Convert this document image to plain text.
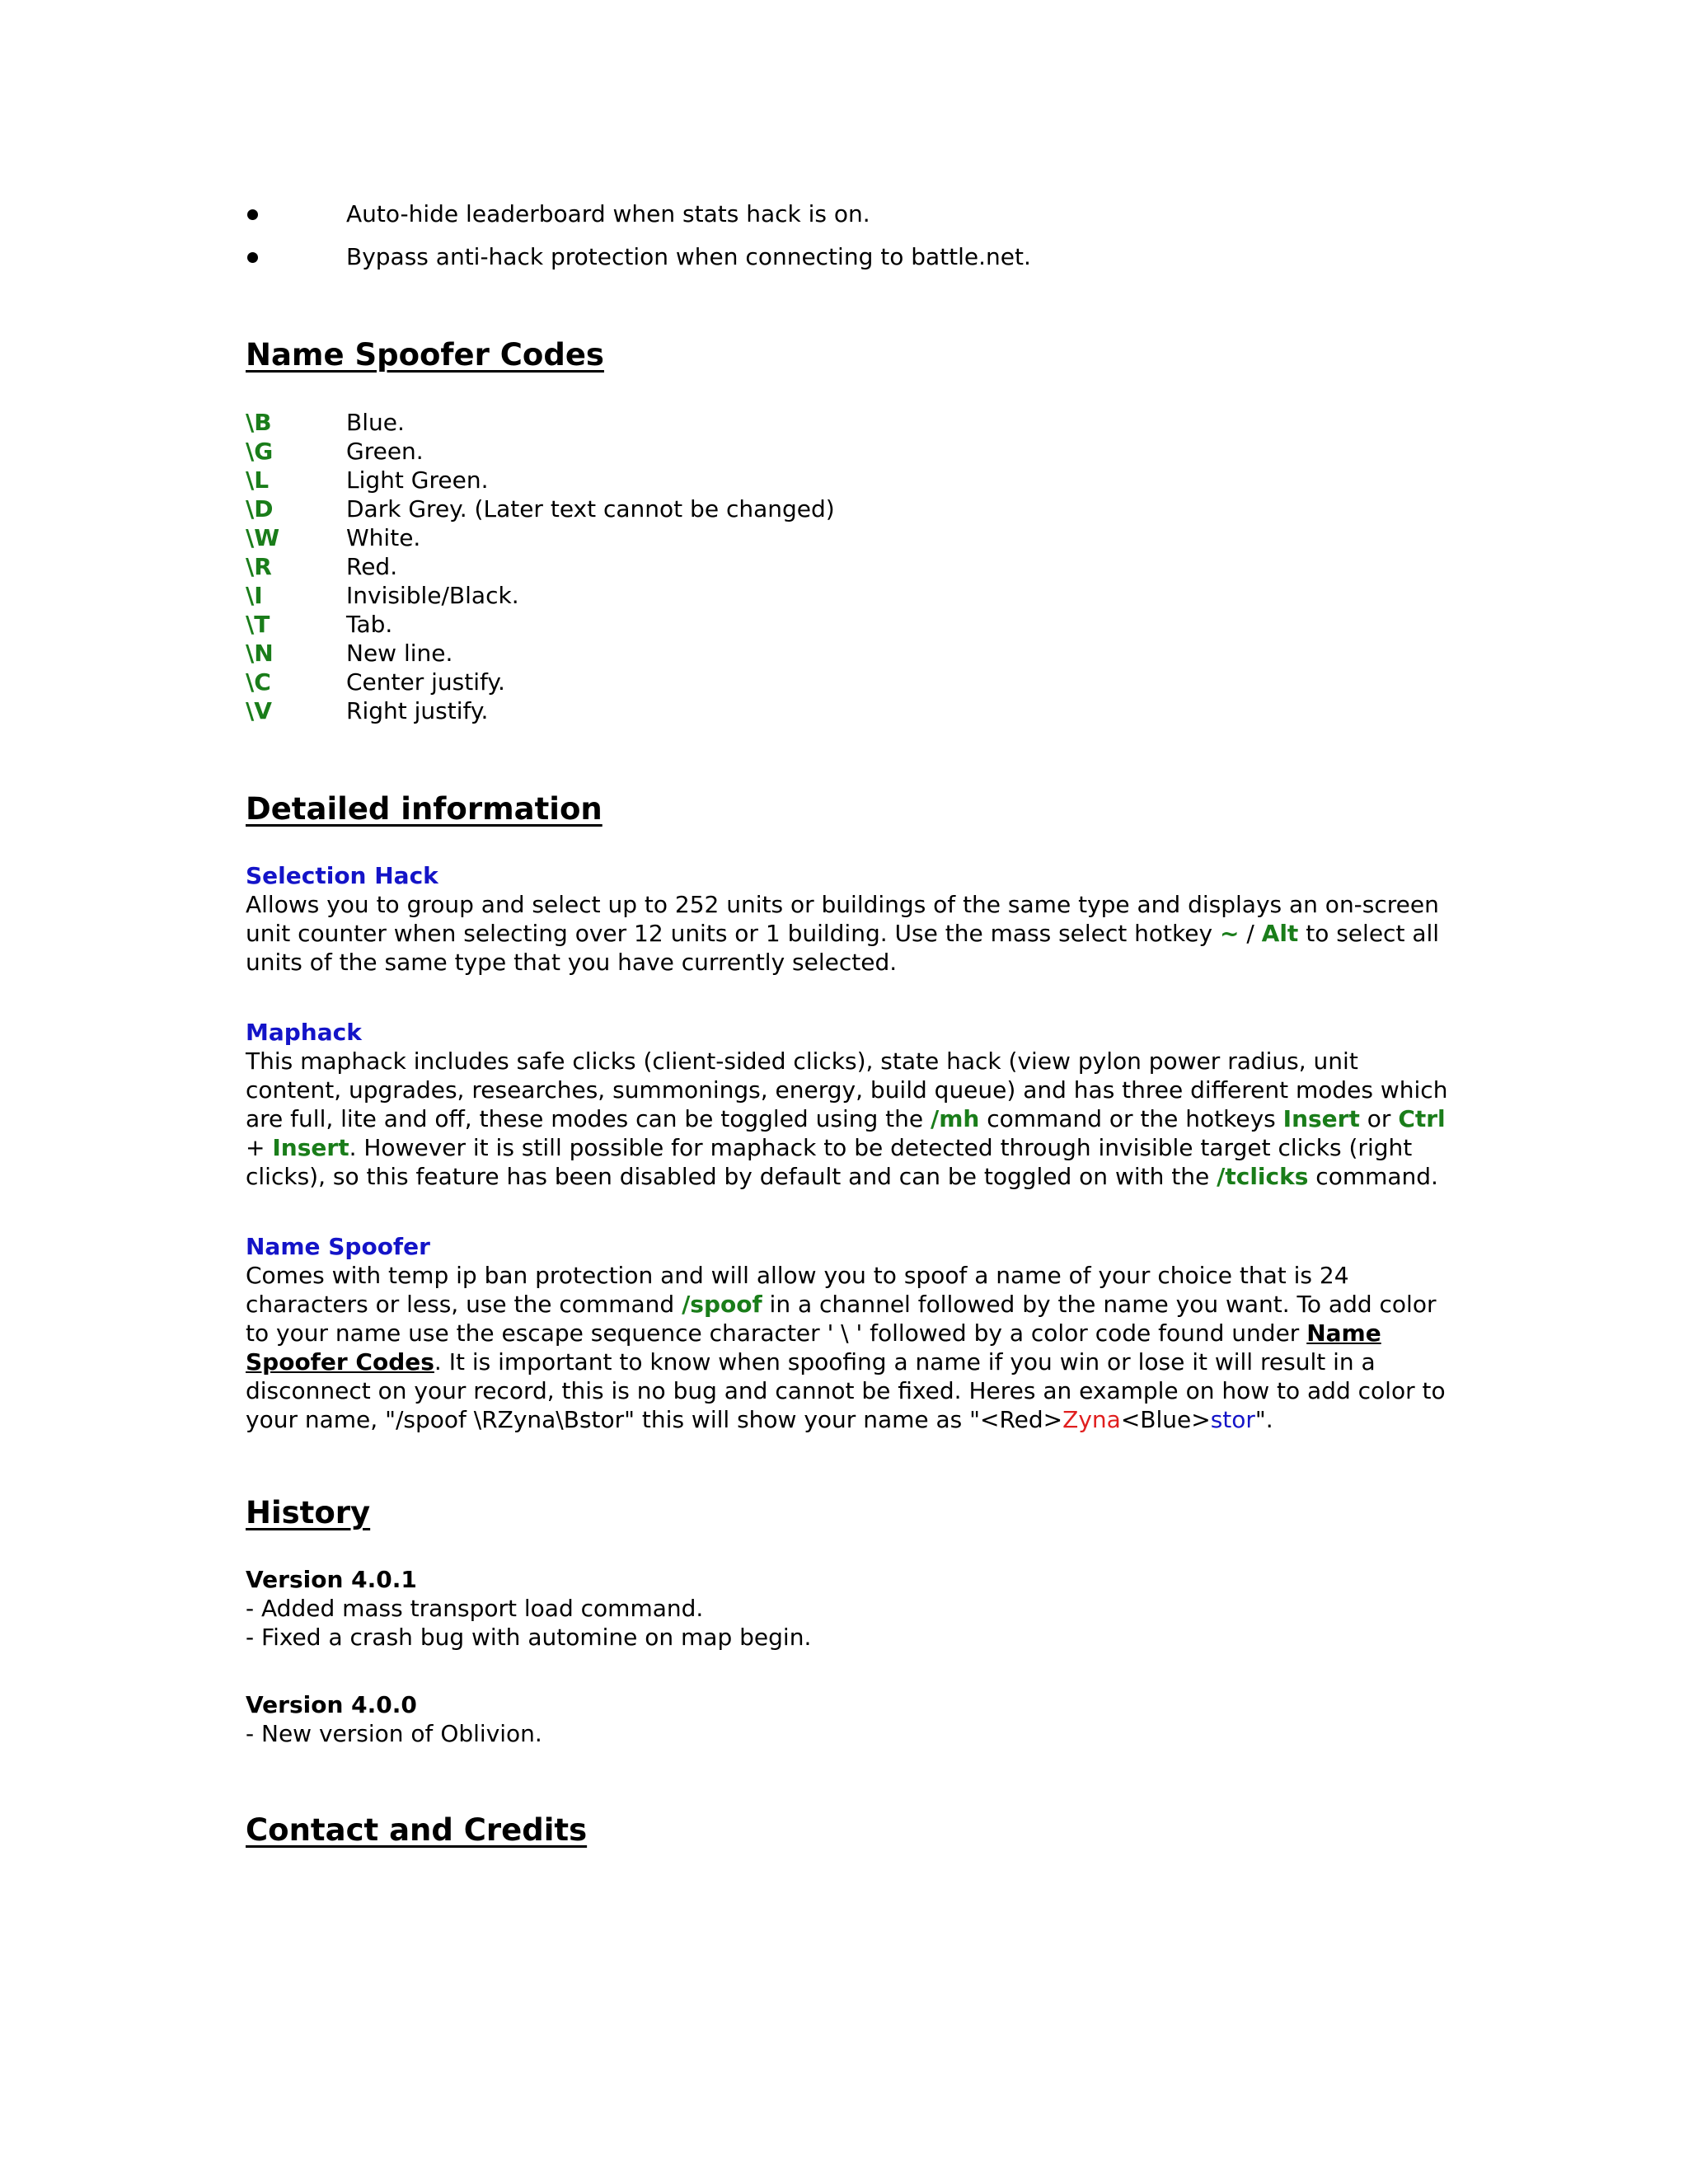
Auto-hide leaderboard when stats hack is on.
Bypass anti-hack protection when connecting to battle.net.
Name Spoofer Codes
\B	Blue.
\G	Green.
\L	Light Green.
\D	Dark Grey. (Later text cannot be changed)
\W	White.
\R	Red.
\I	Invisible/Black.
\T	Tab.
\N	New line.
\C	Center justify.
\V	Right justify.
Detailed information
Selection Hack

Allows you to group and select up to 252 units or buildings of the same type and displays an on-screen unit counter when selecting over 12 units or 1 building. Use the mass select hotkey ~ / Alt to select all units of the same type that you have currently selected.

Maphack

This maphack includes safe clicks (client-sided clicks), state hack (view pylon power radius, unit content, upgrades, researches, summonings, energy, build queue) and has three different modes which are full, lite and off, these modes can be toggled using the /mh command or the hotkeys Insert or Ctrl + Insert. However it is still possible for maphack to be detected through invisible target clicks (right clicks), so this feature has been disabled by default and can be toggled on with the /tclicks command.

Name Spoofer

Comes with temp ip ban protection and will allow you to spoof a name of your choice that is 24 characters or less, use the command /spoof in a channel followed by the name you want. To add color to your name use the escape sequence character ' \ ' followed by a color code found under Name Spoofer Codes. It is important to know when spoofing a name if you win or lose it will result in a disconnect on your record, this is no bug and cannot be fixed. Heres an example on how to add color to your name, "/spoof \RZyna\Bstor" this will show your name as "<Red>Zyna<Blue>stor".

History
Version 4.0.1
- Added mass transport load command.
- Fixed a crash bug with automine on map begin.
Version 4.0.0
- New version of Oblivion.
Contact and Credits
